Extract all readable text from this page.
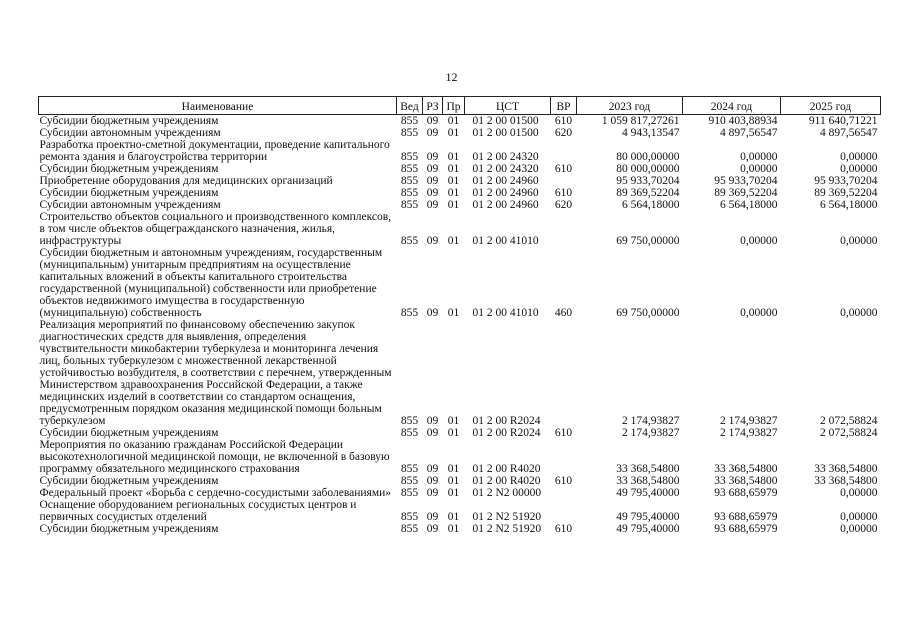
12
Наименование	Вед	РЗ	Пр	ЦСТ	ВР	2023 год	2024 год	2025 год
Субсидии бюджетным учреждениям	855	09	01	01 2 00 01500	610	1 059 817,27261	910 403,88934	911 640,71221
Субсидии автономным учреждениям	855	09	01	01 2 00 01500	620	4 943,13547	4 897,56547	4 897,56547
Разработка проектно-сметной документации, проведение капитального ремонта здания и благоустройства территории	855	09	01	01 2 00 24320		80 000,00000	0,00000	0,00000
Субсидии бюджетным учреждениям	855	09	01	01 2 00 24320	610	80 000,00000	0,00000	0,00000
Приобретение оборудования для медицинских организаций	855	09	01	01 2 00 24960		95 933,70204	95 933,70204	95 933,70204
Субсидии бюджетным учреждениям	855	09	01	01 2 00 24960	610	89 369,52204	89 369,52204	89 369,52204
Субсидии автономным учреждениям	855	09	01	01 2 00 24960	620	6 564,18000	6 564,18000	6 564,18000
Строительство объектов социального и производственного комплексов, в том числе объектов общегражданского назначения, жилья, инфраструктуры	855	09	01	01 2 00 41010		69 750,00000	0,00000	0,00000
Субсидии бюджетным и автономным учреждениям, государственным (муниципальным) унитарным предприятиям на осуществление капитальных вложений в объекты капитального строительства государственной (муниципальной) собственности или приобретение объектов недвижимого имущества в государственную (муниципальную) собственность	855	09	01	01 2 00 41010	460	69 750,00000	0,00000	0,00000
Реализация мероприятий по финансовому обеспечению закупок диагностических средств для выявления, определения чувствительности микобактерии туберкулеза и мониторинга лечения лиц, больных туберкулезом с множественной лекарственной устойчивостью возбудителя, в соответствии с перечнем, утвержденным Министерством здравоохранения Российской Федерации, а также медицинских изделий в соответствии со стандартом оснащения, предусмотренным порядком оказания медицинской помощи больным туберкулезом	855	09	01	01 2 00 R2024		2 174,93827	2 174,93827	2 072,58824
Субсидии бюджетным учреждениям	855	09	01	01 2 00 R2024	610	2 174,93827	2 174,93827	2 072,58824
Мероприятия по оказанию гражданам Российской Федерации высокотехнологичной медицинской помощи, не включенной в базовую программу обязательного медицинского страхования	855	09	01	01 2 00 R4020		33 368,54800	33 368,54800	33 368,54800
Субсидии бюджетным учреждениям	855	09	01	01 2 00 R4020	610	33 368,54800	33 368,54800	33 368,54800
Федеральный проект «Борьба с сердечно-сосудистыми заболеваниями»	855	09	01	01 2 N2 00000		49 795,40000	93 688,65979	0,00000
Оснащение оборудованием региональных сосудистых центров и первичных сосудистых отделений	855	09	01	01 2 N2 51920		49 795,40000	93 688,65979	0,00000
Субсидии бюджетным учреждениям	855	09	01	01 2 N2 51920	610	49 795,40000	93 688,65979	0,00000
